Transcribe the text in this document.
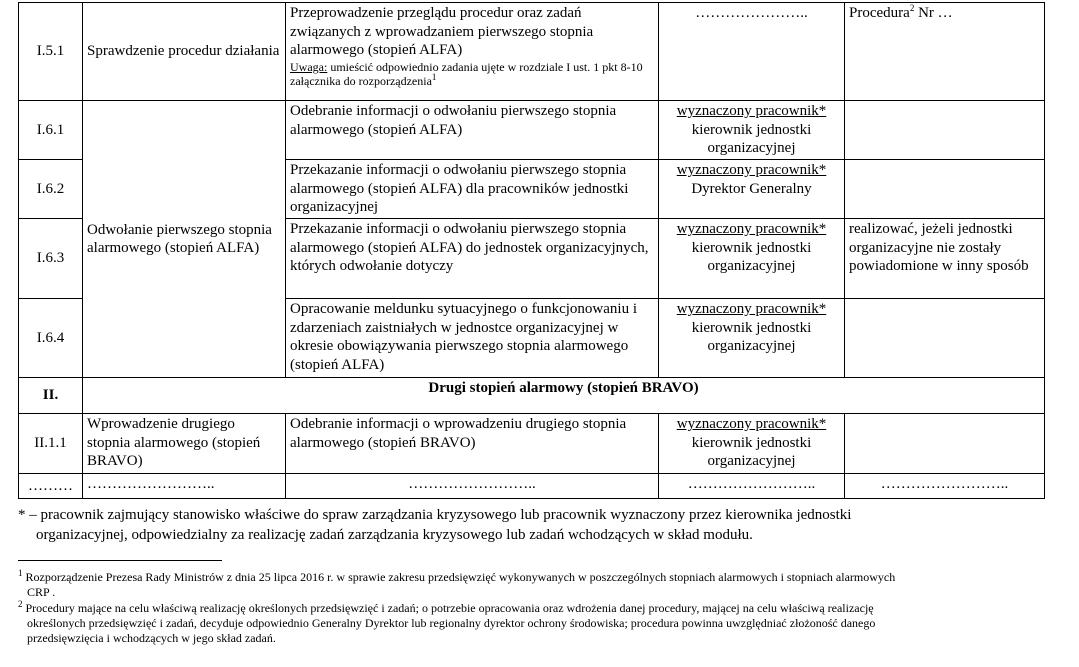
I.5.1	Sprawdzenie procedur działania	Przeprowadzenie przeglądu procedur oraz zadań związanych z wprowadzaniem pierwszego stopnia alarmowego (stopień ALFA)
Uwaga: umieścić odpowiednio zadania ujęte w rozdziale I ust. 1 pkt 8-10 załącznika do rozporządzenia$^1$	…………………..	Procedura$^2$ Nr …
I.6.1	Odwołanie pierwszego stopnia alarmowego (stopień ALFA)	Odebranie informacji o odwołaniu pierwszego stopnia alarmowego (stopień ALFA)	wyznaczony pracownik*
kierownik jednostki organizacyjnej	
I.6.2		Przekazanie informacji o odwołaniu pierwszego stopnia alarmowego (stopień ALFA) dla pracowników jednostki organizacyjnej	wyznaczony pracownik*
Dyrektor Generalny	
I.6.3		Przekazanie informacji o odwołaniu pierwszego stopnia alarmowego (stopień ALFA) do jednostek organizacyjnych, których odwołanie dotyczy	wyznaczony pracownik*
kierownik jednostki organizacyjnej	realizować, jeżeli jednostki organizacyjne nie zostały powiadomione w inny sposób
I.6.4		Opracowanie meldunku sytuacyjnego o funkcjonowaniu i zdarzeniach zaistniałych w jednostce organizacyjnej w okresie obowiązywania pierwszego stopnia alarmowego (stopień ALFA)	wyznaczony pracownik*
kierownik jednostki organizacyjnej	
II.	Drugi stopień alarmowy (stopień BRAVO)			
II.1.1	Wprowadzenie drugiego stopnia alarmowego (stopień BRAVO)	Odebranie informacji o wprowadzeniu drugiego stopnia alarmowego (stopień BRAVO)	wyznaczony pracownik*
kierownik jednostki organizacyjnej	
………	……………………..	……………………..	……………………..	……………………..
* – pracownik zajmujący stanowisko właściwe do spraw zarządzania kryzysowego lub pracownik wyznaczony przez kierownika jednostki
organizacyjnej, odpowiedzialny za realizację zadań zarządzania kryzysowego lub zadań wchodzących w skład modułu.
$^1$ Rozporządzenie Prezesa Rady Ministrów z dnia 25 lipca 2016 r. w sprawie zakresu przedsięwzięć wykonywanych w poszczególnych stopniach alarmowych i stopniach alarmowych
CRP .
$^2$ Procedury mające na celu właściwą realizację określonych przedsięwzięć i zadań; o potrzebie opracowania oraz wdrożenia danej procedury, mającej na celu właściwą realizację
określonych przedsięwzięć i zadań, decyduje odpowiednio Generalny Dyrektor lub regionalny dyrektor ochrony środowiska; procedura powinna uwzględniać złożoność danego
przedsięwzięcia i wchodzących w jego skład zadań.
